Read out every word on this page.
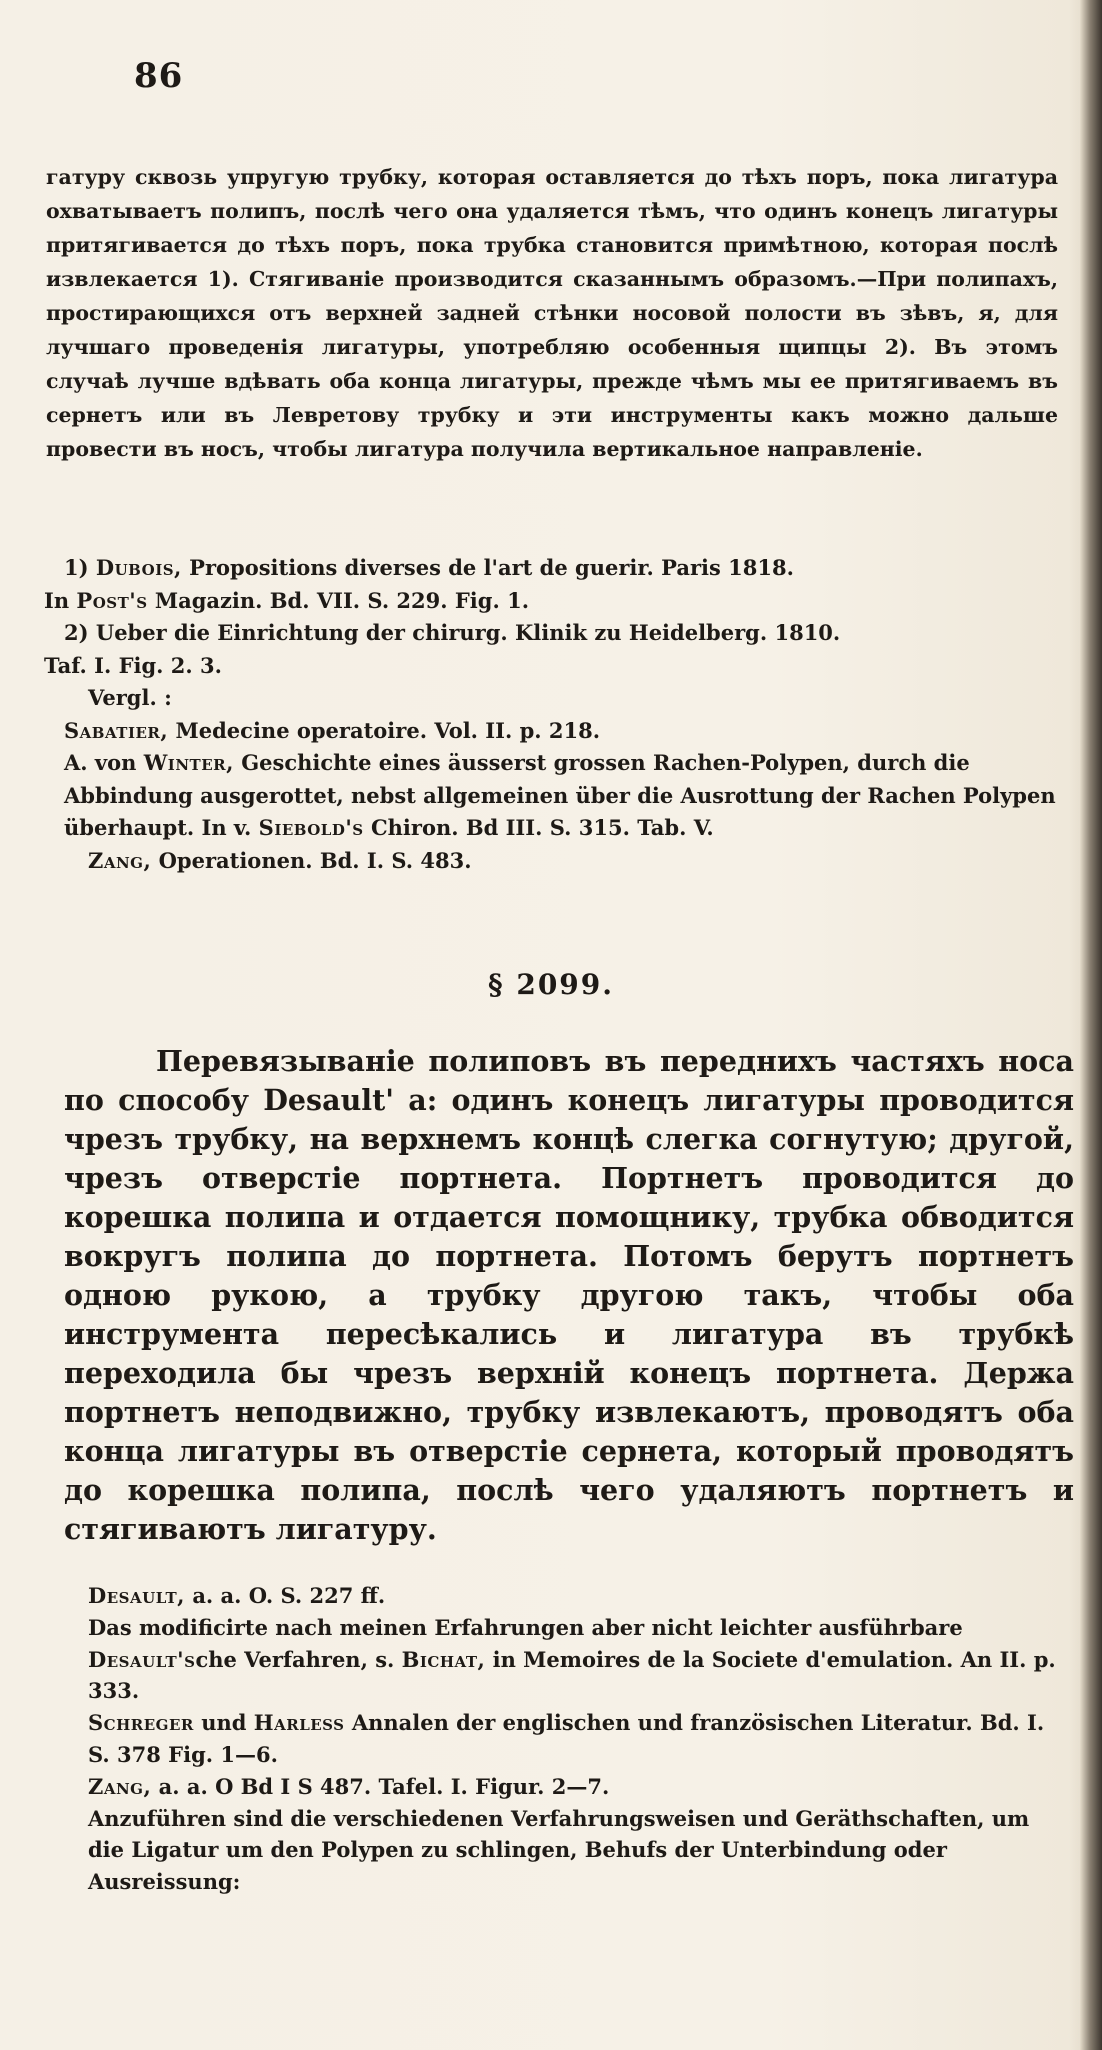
86

гатуру сквозь упругую трубку, которая оставляется до тѣхъ поръ, пока лигатура охватываетъ полипъ, послѣ чего она удаляется тѣмъ, что одинъ конецъ лигатуры притягивается до тѣхъ поръ, пока трубка становится примѣтною, которая послѣ извлекается 1). Стягиванiе производится сказаннымъ образомъ.—При полипахъ, простирающихся отъ верхней задней стѣнки носовой полости въ зѣвъ, я, для лучшаго проведенiя лигатуры, употребляю особенныя щипцы 2). Въ этомъ случаѣ лучше вдѣвать оба конца лигатуры, прежде чѣмъ мы ее притягиваемъ въ сернетъ или въ Левретову трубку и эти инструменты какъ можно дальше провести въ носъ, чтобы лигатура получила вертикальное направленiе.

1) Dubois, Propositions diverses de l'art de guerir. Paris 1818.
In Post's Magazin. Bd. VII. S. 229. Fig. 1.
2) Ueber die Einrichtung der chirurg. Klinik zu Heidelberg. 1810.
Taf. I. Fig. 2. 3.
Vergl. :
Sabatier, Medecine operatoire. Vol. II. p. 218.
A. von Winter, Geschichte eines äusserst grossen Rachen-Polypen, durch die Abbindung ausgerottet, nebst allgemeinen über die Ausrottung der Rachen Polypen überhaupt. In v. Siebold's Chiron. Bd III. S. 315. Tab. V.
Zang, Operationen. Bd. I. S. 483.
§ 2099.

Перевязыванiе полиповъ въ переднихъ частяхъ носа по способу Desault' а: одинъ конецъ лигатуры проводится чрезъ трубку, на верхнемъ концѣ слегка согнутую; другой, чрезъ отверстiе портнета. Портнетъ проводится до корешка полипа и отдается помощнику, трубка обводится вокругъ полипа до портнета. Потомъ берутъ портнетъ одною рукою, а трубку другою такъ, чтобы оба инструмента пересѣкались и лигатура въ трубкѣ переходила бы чрезъ верхнiй конецъ портнета. Держа портнетъ неподвижно, трубку извлекаютъ, проводятъ оба конца лигатуры въ отверстiе сернета, который проводятъ до корешка полипа, послѣ чего удаляютъ портнетъ и стягиваютъ лигатуру.

Desault, a. a. O. S. 227 ff.
Das modificirte nach meinen Erfahrungen aber nicht leichter ausführbare Desault'sche Verfahren, s. Bichat, in Memoires de la Societe d'emulation. An II. p. 333.
Schreger und Harless Annalen der englischen und französischen Literatur. Bd. I. S. 378 Fig. 1—6.
Zang, a. a. O Bd I S 487. Tafel. I. Figur. 2—7.
Anzuführen sind die verschiedenen Verfahrungsweisen und Geräthschaften, um die Ligatur um den Polypen zu schlingen, Behufs der Unterbindung oder Ausreissung:
